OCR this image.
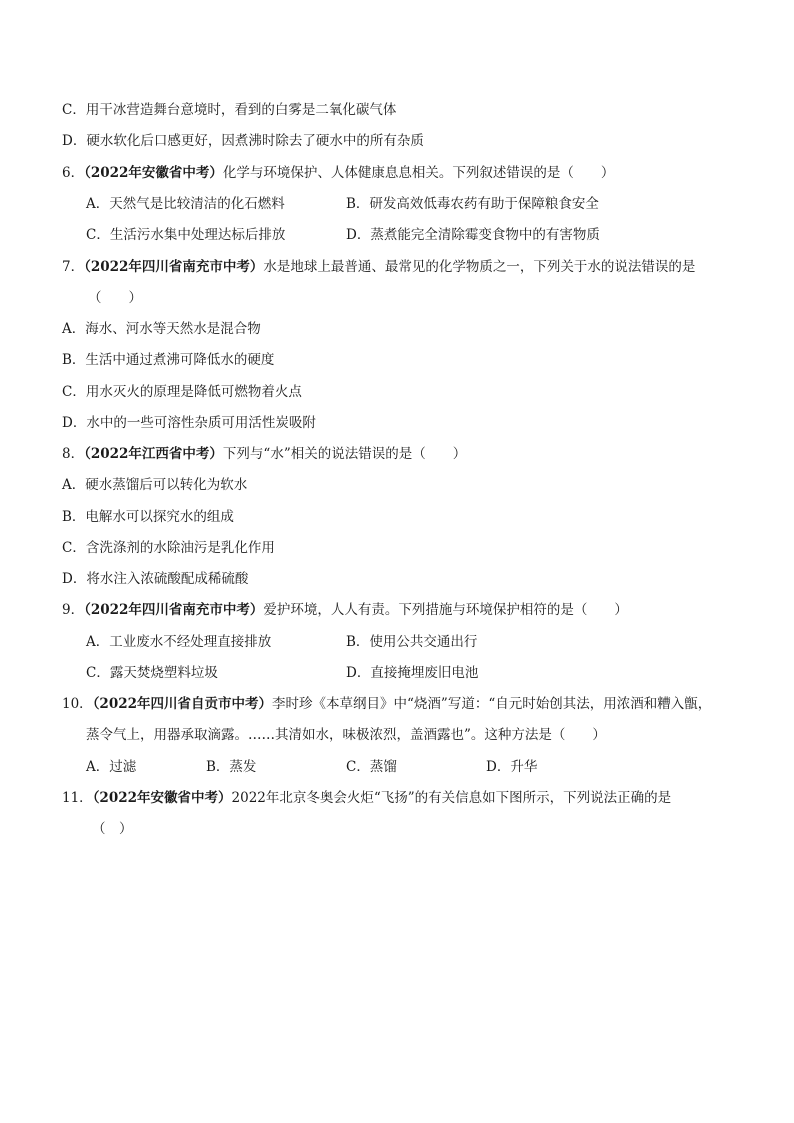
C．用干冰营造舞台意境时，看到的白雾是二氧化碳气体
D．硬水软化后口感更好，因煮沸时除去了硬水中的所有杂质
6．（2022年安徽省中考）化学与环境保护、人体健康息息相关。下列叙述错误的是（　　）
A．天然气是比较清洁的化石燃料	B．研发高效低毒农药有助于保障粮食安全
C．生活污水集中处理达标后排放	D．蒸煮能完全清除霉变食物中的有害物质
7．（2022年四川省南充市中考）水是地球上最普通、最常见的化学物质之一，下列关于水的说法错误的是
（　　）
A．海水、河水等天然水是混合物
B．生活中通过煮沸可降低水的硬度
C．用水灭火的原理是降低可燃物着火点
D．水中的一些可溶性杂质可用活性炭吸附
8．（2022年江西省中考）下列与“水”相关的说法错误的是（　　）
A．硬水蒸馏后可以转化为软水
B．电解水可以探究水的组成
C．含洗涤剂的水除油污是乳化作用
D．将水注入浓硫酸配成稀硫酸
9．（2022年四川省南充市中考）爱护环境，人人有责。下列措施与环境保护相符的是（　　）
A．工业废水不经处理直接排放	B．使用公共交通出行
C．露天焚烧塑料垃圾	D．直接掩埋废旧电池
10．（2022年四川省自贡市中考）李时珍《本草纲目》中“烧酒”写道：“自元时始创其法，用浓酒和糟入甑，
蒸令气上，用器承取滴露。……其清如水，味极浓烈，盖酒露也”。这种方法是（　　）
A．过滤	B．蒸发	C．蒸馏	D．升华
11．（2022年安徽省中考）2022年北京冬奥会火炬“飞扬”的有关信息如下图所示，下列说法正确的是
（　）
